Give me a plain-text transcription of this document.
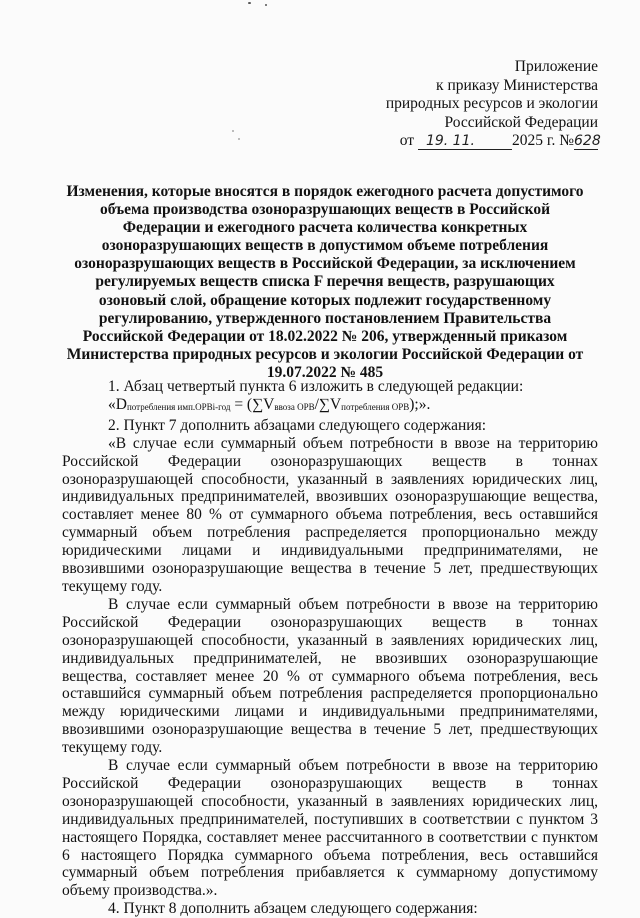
Приложение
к приказу Министерства
природных ресурсов и экологии
Российской Федерации
от 19. 11. 2025 г. №628
Изменения, которые вносятся в порядок ежегодного расчета допустимого объема производства озоноразрушающих веществ в Российской Федерации и ежегодного расчета количества конкретных озоноразрушающих веществ в допустимом объеме потребления озоноразрушающих веществ в Российской Федерации, за исключением регулируемых веществ списка F перечня веществ, разрушающих озоновый слой, обращение которых подлежит государственному регулированию, утвержденного постановлением Правительства Российской Федерации от 18.02.2022 № 206, утвержденный приказом Министерства природных ресурсов и экологии Российской Федерации от 19.07.2022 № 485

1. Абзац четвертый пункта 6 изложить в следующей редакции:

«$D_{потребления имп.ОРВi-год} = (\sum V_{ввоза ОРВ}/\sum V_{потребления ОРВ})$;».

2. Пункт 7 дополнить абзацами следующего содержания:

«В случае если суммарный объем потребности в ввозе на территорию Российской Федерации озоноразрушающих веществ в тоннах озоноразрушающей способности, указанный в заявлениях юридических лиц, индивидуальных предпринимателей, ввозивших озоноразрушающие вещества, составляет менее 80 % от суммарного объема потребления, весь оставшийся суммарный объем потребления распределяется пропорционально между юридическими лицами и индивидуальными предпринимателями, не ввозившими озоноразрушающие вещества в течение 5 лет, предшествующих текущему году.

В случае если суммарный объем потребности в ввозе на территорию Российской Федерации озоноразрушающих веществ в тоннах озоноразрушающей способности, указанный в заявлениях юридических лиц, индивидуальных предпринимателей, не ввозивших озоноразрушающие вещества, составляет менее 20 % от суммарного объема потребления, весь оставшийся суммарный объем потребления распределяется пропорционально между юридическими лицами и индивидуальными предпринимателями, ввозившими озоноразрушающие вещества в течение 5 лет, предшествующих текущему году.

В случае если суммарный объем потребности в ввозе на территорию Российской Федерации озоноразрушающих веществ в тоннах озоноразрушающей способности, указанный в заявлениях юридических лиц, индивидуальных предпринимателей, поступивших в соответствии с пунктом 3 настоящего Порядка, составляет менее рассчитанного в соответствии с пунктом 6 настоящего Порядка суммарного объема потребления, весь оставшийся суммарный объем потребления прибавляется к суммарному допустимому объему производства.».

4. Пункт 8 дополнить абзацем следующего содержания:
